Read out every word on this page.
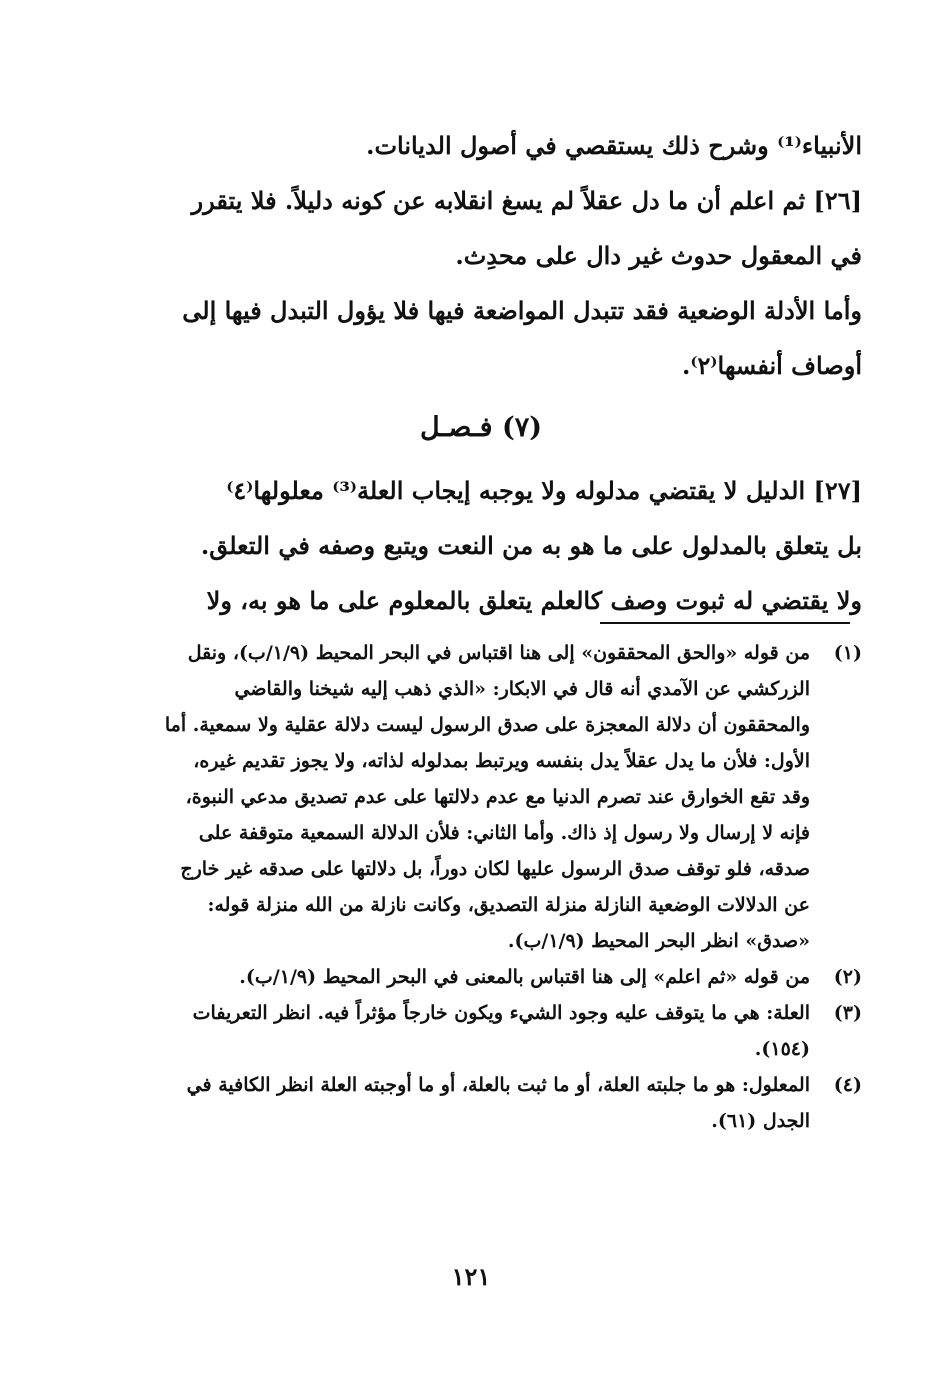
الأنبياء⁽¹⁾ وشرح ذلك يستقصي في أصول الديانات.
[٢٦] ثم اعلم أن ما دل عقلاً لم يسغ انقلابه عن كونه دليلاً. فلا يتقرر
في المعقول حدوث غير دال على محدِث.
وأما الأدلة الوضعية فقد تتبدل المواضعة فيها فلا يؤول التبدل فيها إلى
أوصاف أنفسها⁽٢⁾.
(٧) فـصـل
[٢٧] الدليل لا يقتضي مدلوله ولا يوجبه إيجاب العلة⁽³⁾ معلولها⁽٤⁾
بل يتعلق بالمدلول على ما هو به من النعت ويتبع وصفه في التعلق.
ولا يقتضي له ثبوت وصف كالعلم يتعلق بالمعلوم على ما هو به، ولا
(١)
من قوله «والحق المحققون» إلى هنا اقتباس في البحر المحيط (١/٩/ب)، ونقل
الزركشي عن الآمدي أنه قال في الابكار: «الذي ذهب إليه شيخنا والقاضي
والمحققون أن دلالة المعجزة على صدق الرسول ليست دلالة عقلية ولا سمعية. أما
الأول: فلأن ما يدل عقلاً يدل بنفسه ويرتبط بمدلوله لذاته، ولا يجوز تقديم غيره،
وقد تقع الخوارق عند تصرم الدنيا مع عدم دلالتها على عدم تصديق مدعي النبوة،
فإنه لا إرسال ولا رسول إذ ذاك. وأما الثاني: فلأن الدلالة السمعية متوقفة على
صدقه، فلو توقف صدق الرسول عليها لكان دوراً، بل دلالتها على صدقه غير خارج
عن الدلالات الوضعية النازلة منزلة التصديق، وكانت نازلة من الله منزلة قوله:
«صدق» انظر البحر المحيط (١/٩/ب).
(٢)
من قوله «ثم اعلم» إلى هنا اقتباس بالمعنى في البحر المحيط (١/٩/ب).
(٣)
العلة: هي ما يتوقف عليه وجود الشيء ويكون خارجاً مؤثراً فيه. انظر التعريفات
(١٥٤).
(٤)
المعلول: هو ما جلبته العلة، أو ما ثبت بالعلة، أو ما أوجبته العلة انظر الكافية في
الجدل (٦١).
١٢١
